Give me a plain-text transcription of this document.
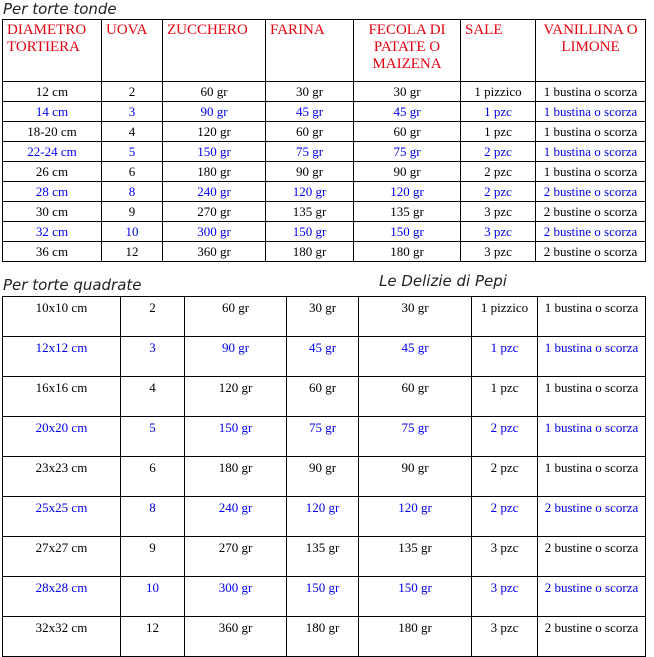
Per torte tonde
DIAMETRO TORTIERA	UOVA	ZUCCHERO	FARINA	FECOLA DI PATATE O MAIZENA	SALE	VANILLINA O LIMONE
12 cm	2	60 gr	30 gr	30 gr	1 pizzico	1 bustina o scorza
14 cm	3	90 gr	45 gr	45 gr	1 pzc	1 bustina o scorza
18-20 cm	4	120 gr	60 gr	60 gr	1 pzc	1 bustina o scorza
22-24 cm	5	150 gr	75 gr	75 gr	2 pzc	1 bustina o scorza
26 cm	6	180 gr	90 gr	90 gr	2 pzc	1 bustina o scorza
28 cm	8	240 gr	120 gr	120 gr	2 pzc	2 bustine o scorza
30 cm	9	270 gr	135 gr	135 gr	3 pzc	2 bustine o scorza
32 cm	10	300 gr	150 gr	150 gr	3 pzc	2 bustine o scorza
36 cm	12	360 gr	180 gr	180 gr	3 pzc	2 bustine o scorza
Per torte quadrate	Le Delizie di Pepi
10x10 cm	2	60 gr	30 gr	30 gr	1 pizzico	1 bustina o scorza
12x12 cm	3	90 gr	45 gr	45 gr	1 pzc	1 bustina o scorza
16x16 cm	4	120 gr	60 gr	60 gr	1 pzc	1 bustina o scorza
20x20 cm	5	150 gr	75 gr	75 gr	2 pzc	1 bustina o scorza
23x23 cm	6	180 gr	90 gr	90 gr	2 pzc	1 bustina o scorza
25x25 cm	8	240 gr	120 gr	120 gr	2 pzc	2 bustine o scorza
27x27 cm	9	270 gr	135 gr	135 gr	3 pzc	2 bustine o scorza
28x28 cm	10	300 gr	150 gr	150 gr	3 pzc	2 bustine o scorza
32x32 cm	12	360 gr	180 gr	180 gr	3 pzc	2 bustine o scorza
